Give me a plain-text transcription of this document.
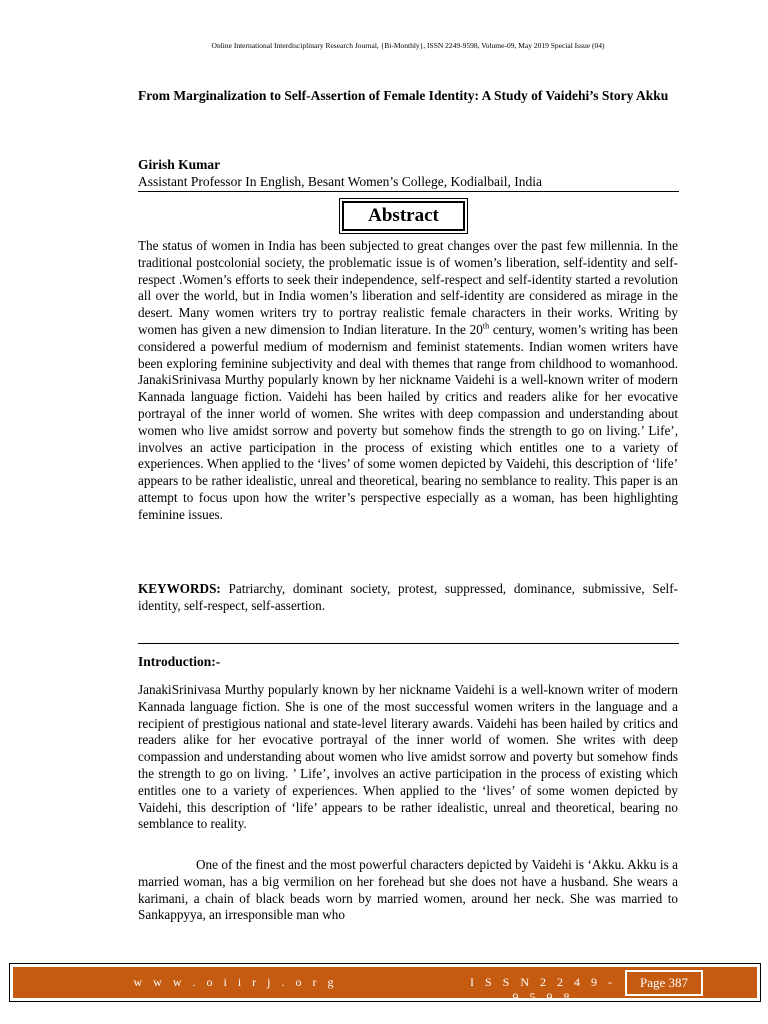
Online International Interdisciplinary Research Journal, {Bi-Monthly}, ISSN 2249-9598, Volume-09, May 2019 Special Issue (04)
From Marginalization to Self-Assertion of Female Identity: A Study of Vaidehi’s Story Akku
Girish Kumar
Assistant Professor In English, Besant Women’s College, Kodialbail, India
Abstract
The status of women in India has been subjected to great changes over the past few millennia. In the traditional postcolonial society, the problematic issue is of women’s liberation, self-identity and self-respect .Women’s efforts to seek their independence, self-respect and self-identity started a revolution all over the world, but in India women’s liberation and self-identity are considered as mirage in the desert. Many women writers try to portray realistic female characters in their works. Writing by women has given a new dimension to Indian literature. In the 20th century, women’s writing has been considered a powerful medium of modernism and feminist statements. Indian women writers have been exploring feminine subjectivity and deal with themes that range from childhood to womanhood. JanakiSrinivasa Murthy popularly known by her nickname Vaidehi is a well-known writer of modern Kannada language fiction. Vaidehi has been hailed by critics and readers alike for her evocative portrayal of the inner world of women. She writes with deep compassion and understanding about women who live amidst sorrow and poverty but somehow finds the strength to go on living.’ Life’, involves an active participation in the process of existing which entitles one to a variety of experiences. When applied to the ‘lives’ of some women depicted by Vaidehi, this description of ‘life’ appears to be rather idealistic, unreal and theoretical, bearing no semblance to reality. This paper is an attempt to focus upon how the writer’s perspective especially as a woman, has been highlighting feminine issues.
KEYWORDS: Patriarchy, dominant society, protest, suppressed, dominance, submissive, Self-identity, self-respect, self-assertion.
Introduction:-
JanakiSrinivasa Murthy popularly known by her nickname Vaidehi is a well-known writer of modern Kannada language fiction. She is one of the most successful women writers in the language and a recipient of prestigious national and state-level literary awards. Vaidehi has been hailed by critics and readers alike for her evocative portrayal of the inner world of women. She writes with deep compassion and understanding about women who live amidst sorrow and poverty but somehow finds the strength to go on living. ’ Life’, involves an active participation in the process of existing which entitles one to a variety of experiences. When applied to the ‘lives’ of some women depicted by Vaidehi, this description of ‘life’ appears to be rather idealistic, unreal and theoretical, bearing no semblance to reality.
One of the finest and the most powerful characters depicted by Vaidehi is ‘Akku. Akku is a married woman, has a big vermilion on her forehead but she does not have a husband. She wears a karimani, a chain of black beads worn by married women, around her neck. She was married to Sankappyya, an irresponsible man who
w w w . o i i r j . o r g	I S S N 2 2 4 9 - 9 5 9 8
Page 387
